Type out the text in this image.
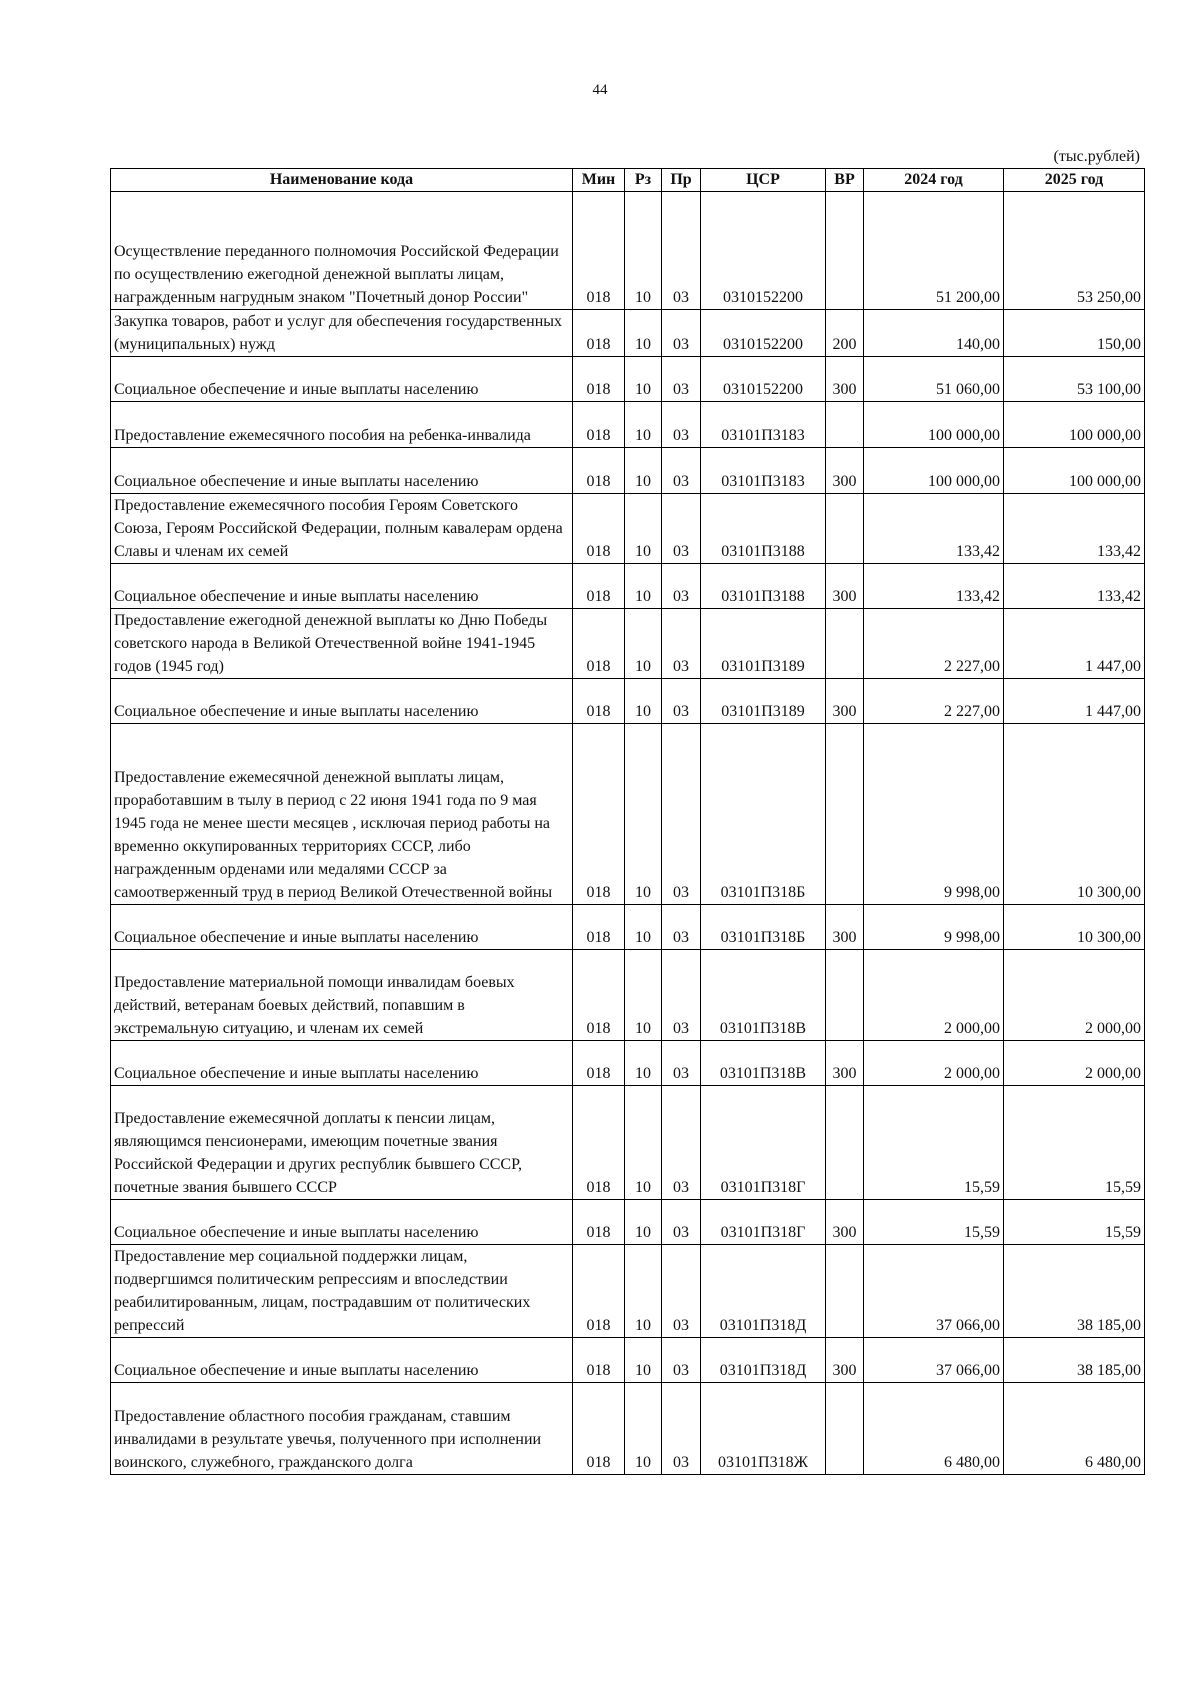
44
(тыс.рублей)
Наименование кода	Мин	Рз	Пр	ЦСР	ВР	2024 год	2025 год
Осуществление переданного полномочия Российской Федерации по осуществлению ежегодной денежной выплаты лицам, награжденным нагрудным знаком "Почетный донор России"	018	10	03	0310152200		51 200,00	53 250,00
Закупка товаров, работ и услуг для обеспечения государственных (муниципальных) нужд	018	10	03	0310152200	200	140,00	150,00
Социальное обеспечение и иные выплаты населению	018	10	03	0310152200	300	51 060,00	53 100,00
Предоставление ежемесячного пособия на ребенка-инвалида	018	10	03	03101П3183		100 000,00	100 000,00
Социальное обеспечение и иные выплаты населению	018	10	03	03101П3183	300	100 000,00	100 000,00
Предоставление ежемесячного пособия Героям Советского Союза, Героям Российской Федерации, полным кавалерам ордена Славы и членам их семей	018	10	03	03101П3188		133,42	133,42
Социальное обеспечение и иные выплаты населению	018	10	03	03101П3188	300	133,42	133,42
Предоставление ежегодной денежной выплаты ко Дню Победы советского народа в Великой Отечественной войне 1941-1945 годов (1945 год)	018	10	03	03101П3189		2 227,00	1 447,00
Социальное обеспечение и иные выплаты населению	018	10	03	03101П3189	300	2 227,00	1 447,00
Предоставление ежемесячной денежной выплаты лицам, проработавшим в тылу в период с 22 июня 1941 года по 9 мая 1945 года не менее шести месяцев , исключая период работы на временно оккупированных территориях СССР, либо награжденным орденами или медалями СССР за самоотверженный труд в период Великой Отечественной войны	018	10	03	03101П318Б		9 998,00	10 300,00
Социальное обеспечение и иные выплаты населению	018	10	03	03101П318Б	300	9 998,00	10 300,00
Предоставление материальной помощи инвалидам боевых действий, ветеранам боевых действий, попавшим в экстремальную ситуацию, и членам их семей	018	10	03	03101П318В		2 000,00	2 000,00
Социальное обеспечение и иные выплаты населению	018	10	03	03101П318В	300	2 000,00	2 000,00
Предоставление ежемесячной доплаты к пенсии лицам, являющимся пенсионерами, имеющим почетные звания Российской Федерации и других республик бывшего СССР, почетные звания бывшего СССР	018	10	03	03101П318Г		15,59	15,59
Социальное обеспечение и иные выплаты населению	018	10	03	03101П318Г	300	15,59	15,59
Предоставление мер социальной поддержки лицам, подвергшимся политическим репрессиям и впоследствии реабилитированным, лицам, пострадавшим от политических репрессий	018	10	03	03101П318Д		37 066,00	38 185,00
Социальное обеспечение и иные выплаты населению	018	10	03	03101П318Д	300	37 066,00	38 185,00
Предоставление областного пособия гражданам, ставшим инвалидами в результате увечья, полученного при исполнении воинского, служебного, гражданского долга	018	10	03	03101П318Ж		6 480,00	6 480,00
